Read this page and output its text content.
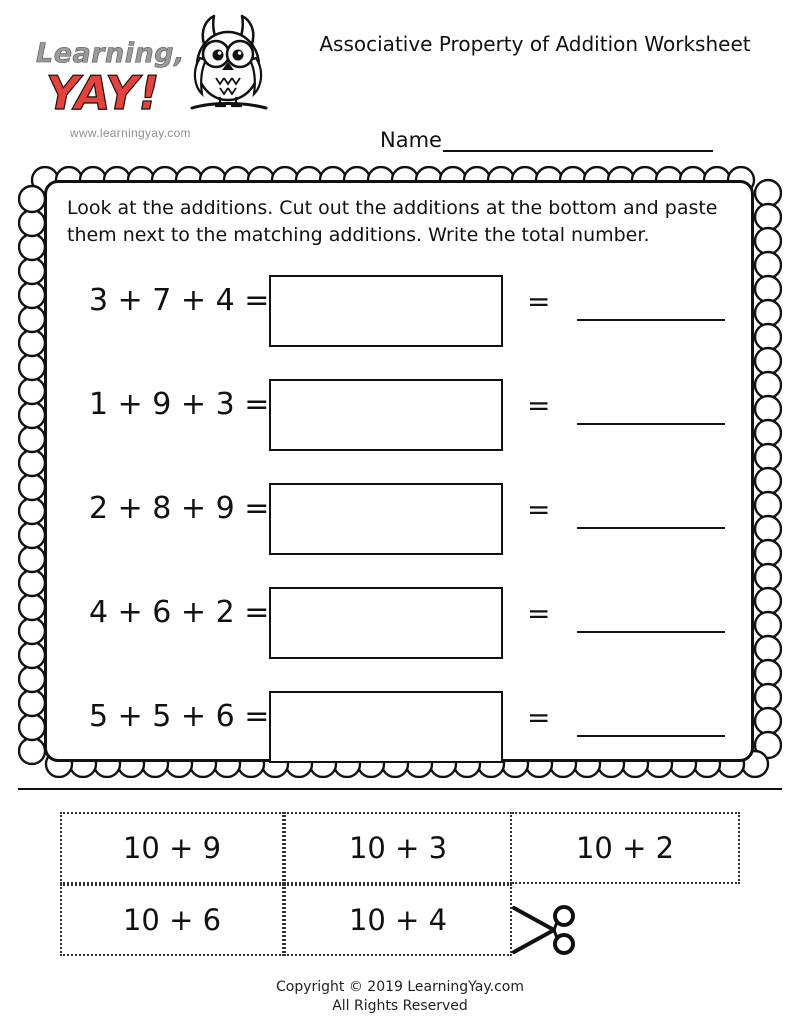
Learning,
YAY!
www.learningyay.com
Associative Property of Addition Worksheet
Name
Look at the additions. Cut out the additions at the bottom and paste them next to the matching additions. Write the total number.
3 + 7 + 4 =	=
1 + 9 + 3 =	=
2 + 8 + 9 =	=
4 + 6 + 2 =	=
5 + 5 + 6 =	=
10 + 9	10 + 3	10 + 2
10 + 6	10 + 4
Copyright © 2019 LearningYay.com
All Rights Reserved
